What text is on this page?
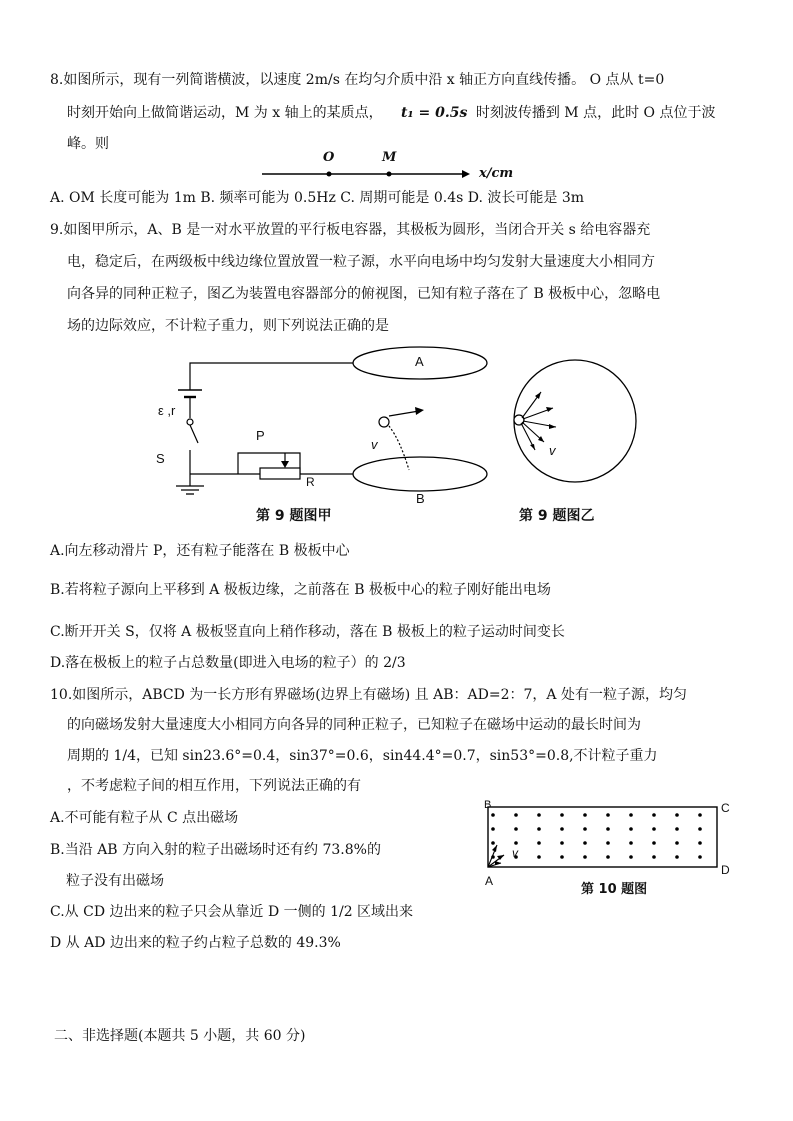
8.如图所示，现有一列简谐横波，以速度 2m/s 在均匀介质中沿 x 轴正方向直线传播。 O 点从 t=0
时刻开始向上做简谐运动，M 为 x 轴上的某质点， t₁ = 0.5s 时刻波传播到 M 点，此时 O 点位于波
峰。则
O	M
x/cm
A. OM 长度可能为 1m B. 频率可能为 0.5Hz C. 周期可能是 0.4s D. 波长可能是 3m
9.如图甲所示，A、B 是一对水平放置的平行板电容器，其极板为圆形，当闭合开关 s 给电容器充
电，稳定后，在两级板中线边缘位置放置一粒子源，水平向电场中均匀发射大量速度大小相同方
向各异的同种正粒子，图乙为装置电容器部分的俯视图，已知有粒子落在了 B 极板中心，忽略电
场的边际效应，不计粒子重力，则下列说法正确的是
A
B
ε ,r
S
P
R
v	v
第 9 题图甲	第 9 题图乙
A.向左移动滑片 P，还有粒子能落在 B 极板中心
B.若将粒子源向上平移到 A 极板边缘，之前落在 B 极板中心的粒子刚好能出电场
C.断开开关 S，仅将 A 极板竖直向上稍作移动，落在 B 极板上的粒子运动时间变长
D.落在极板上的粒子占总数量(即进入电场的粒子）的 2/3
10.如图所示，ABCD 为一长方形有界磁场(边界上有磁场) 且 AB：AD=2：7，A 处有一粒子源，均匀
的向磁场发射大量速度大小相同方向各异的同种正粒子，已知粒子在磁场中运动的最长时间为
周期的 1/4，已知 sin23.6°=0.4，sin37°=0.6，sin44.4°=0.7，sin53°=0.8,不计粒子重力
，不考虑粒子间的相互作用，下列说法正确的有
A.不可能有粒子从 C 点出磁场
B.当沿 AB 方向入射的粒子出磁场时还有约 73.8%的
粒子没有出磁场
C.从 CD 边出来的粒子只会从靠近 D 一侧的 1/2 区域出来
D 从 AD 边出来的粒子约占粒子总数的 49.3%
B	C
D
A
v
第 10 题图
二、非选择题(本题共 5 小题，共 60 分)
